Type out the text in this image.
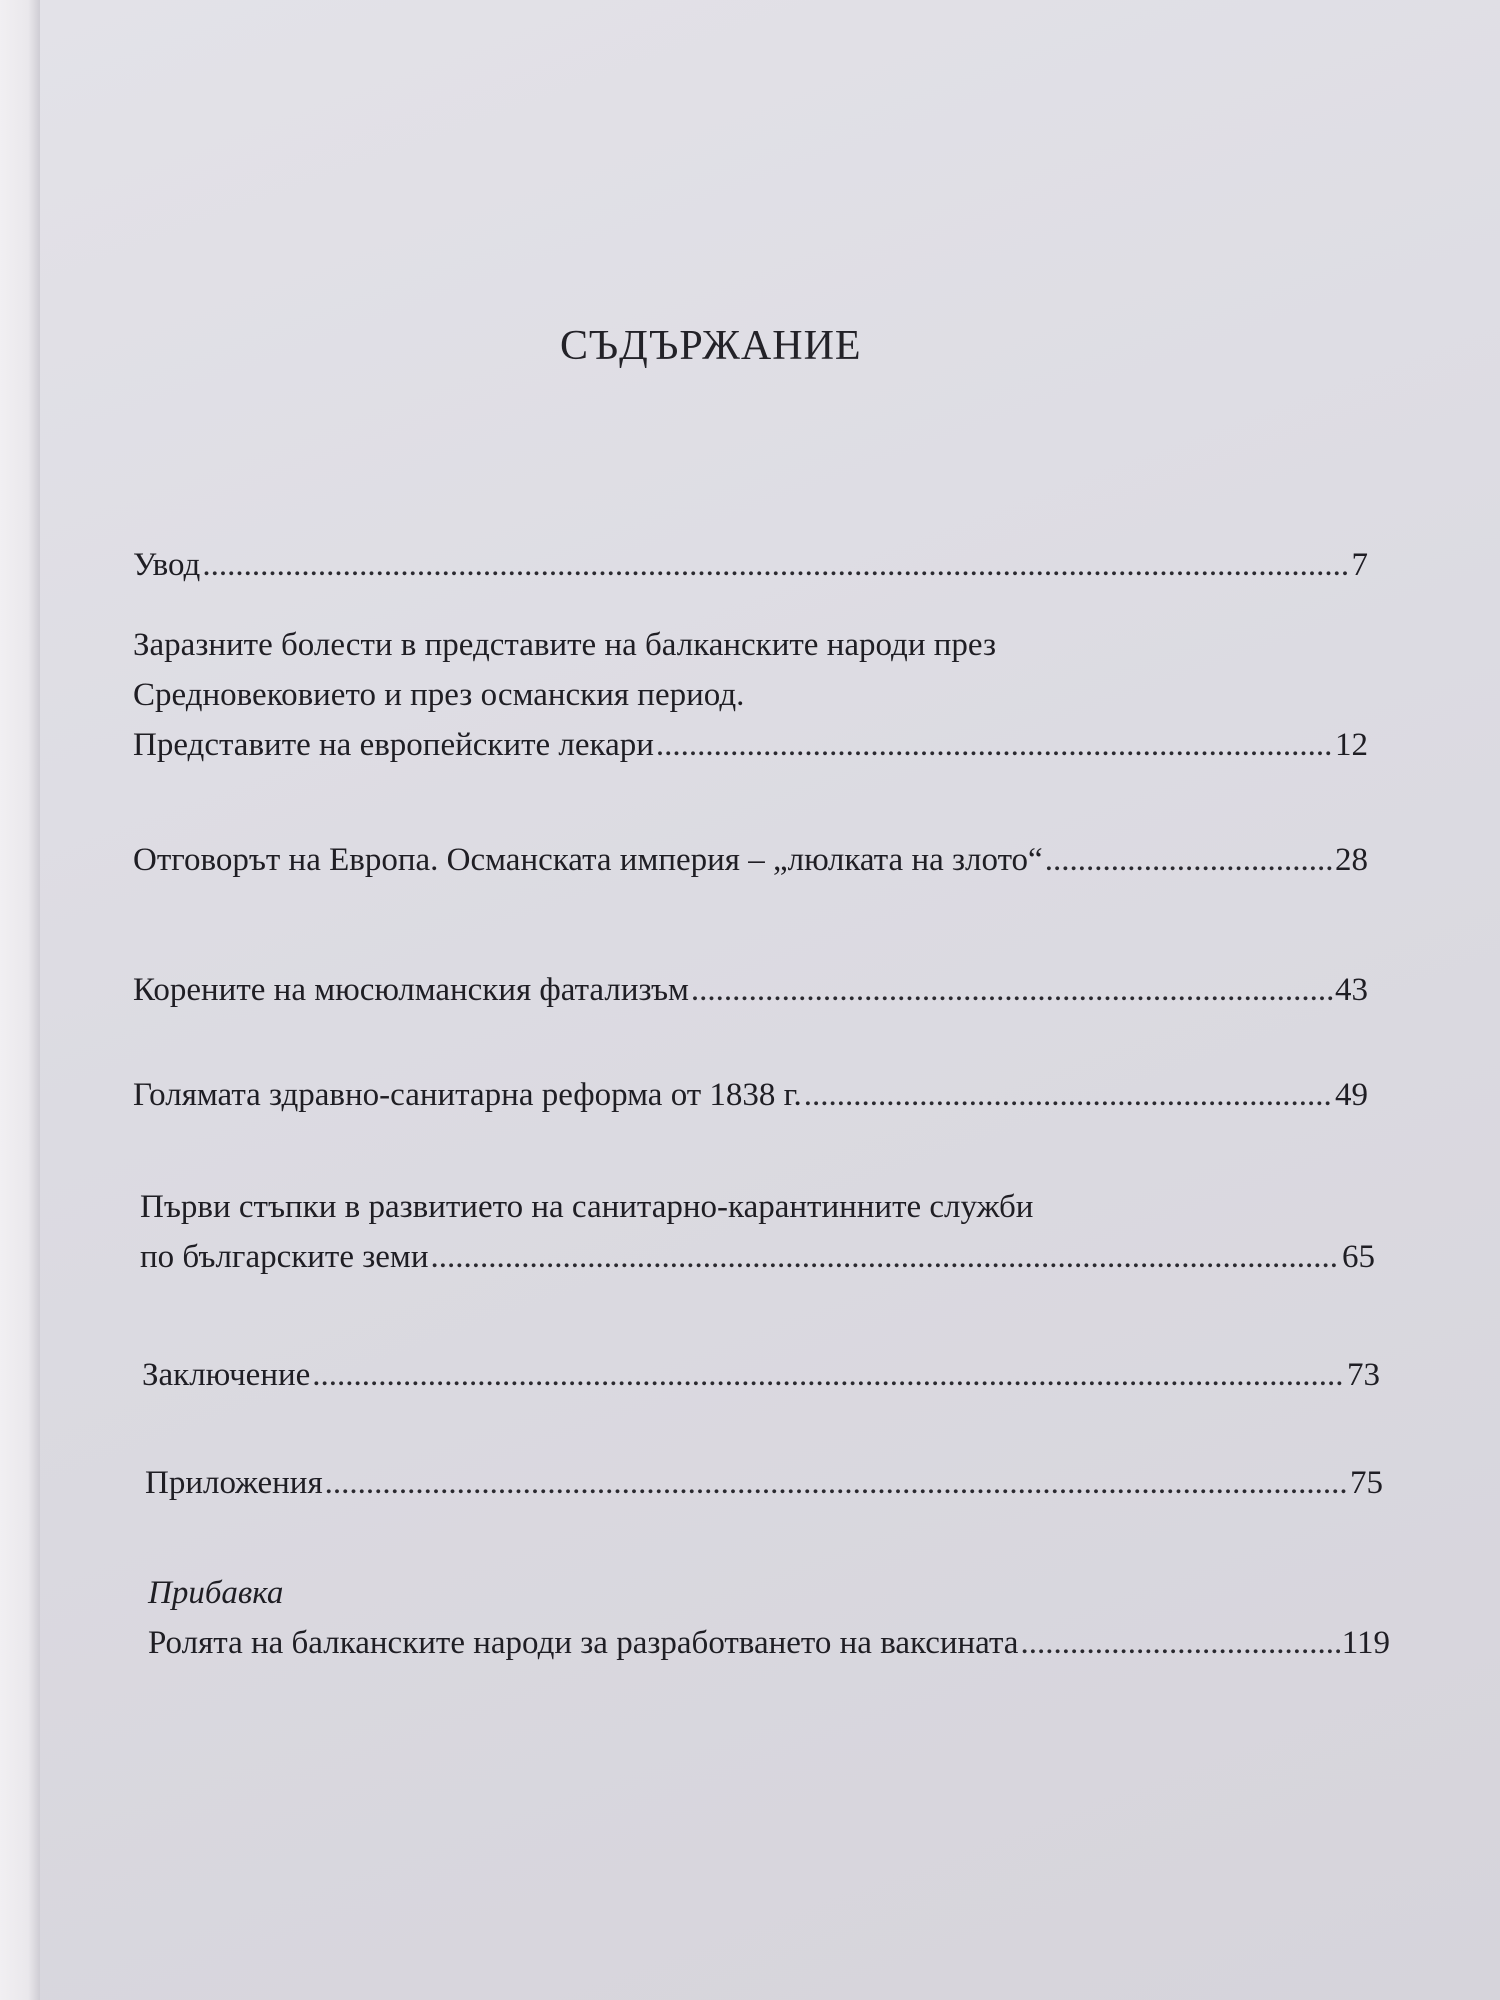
СЪДЪРЖАНИЕ
Увод .....	7
Заразните болести в представите на балканските народи през
Средновековието и през османския период.
Представите на европейските лекари .....	12
Отговорът на Европа. Османската империя – „люлката на злото“ .....	28
Корените на мюсюлманския фатализъм .....	43
Голямата здравно-санитарна реформа от 1838 г. .....	49
Първи стъпки в развитието на санитарно-карантинните служби
по българските земи .....	65
Заключение .....	73
Приложения .....	75
Прибавка
Ролята на балканските народи за разработването на ваксината .....	119
